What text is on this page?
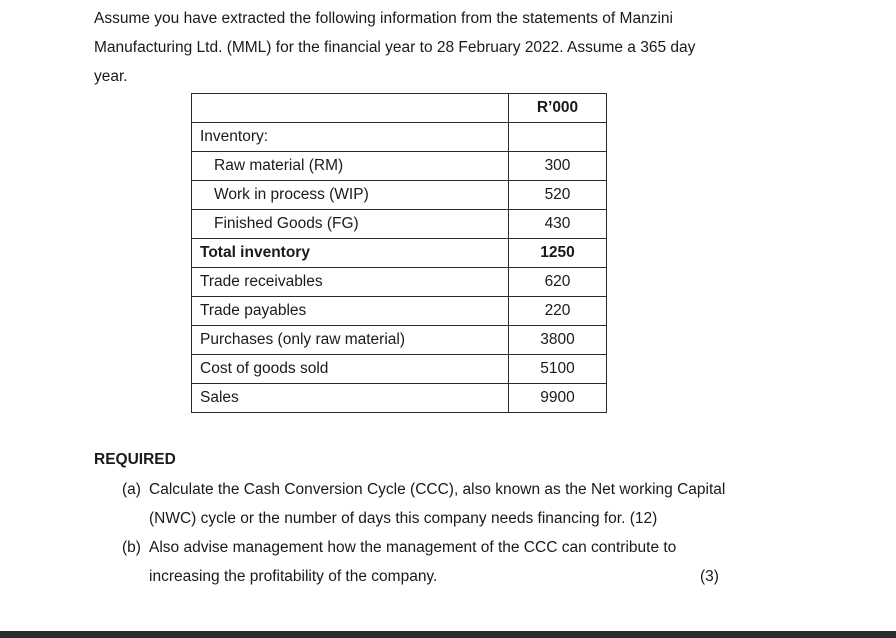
Assume you have extracted the following information from the statements of Manzini
Manufacturing Ltd. (MML) for the financial year to 28 February 2022. Assume a 365 day
year.

	R’000
Inventory:	
Raw material (RM)	300
Work in process (WIP)	520
Finished Goods (FG)	430
Total inventory	1250
Trade receivables	620
Trade payables	220
Purchases (only raw material)	3800
Cost of goods sold	5100
Sales	9900

REQUIRED

(a) Calculate the Cash Conversion Cycle (CCC), also known as the Net working Capital
(NWC) cycle or the number of days this company needs financing for. (12)
(b) Also advise management how the management of the CCC can contribute to
increasing the profitability of the company.	(3)
